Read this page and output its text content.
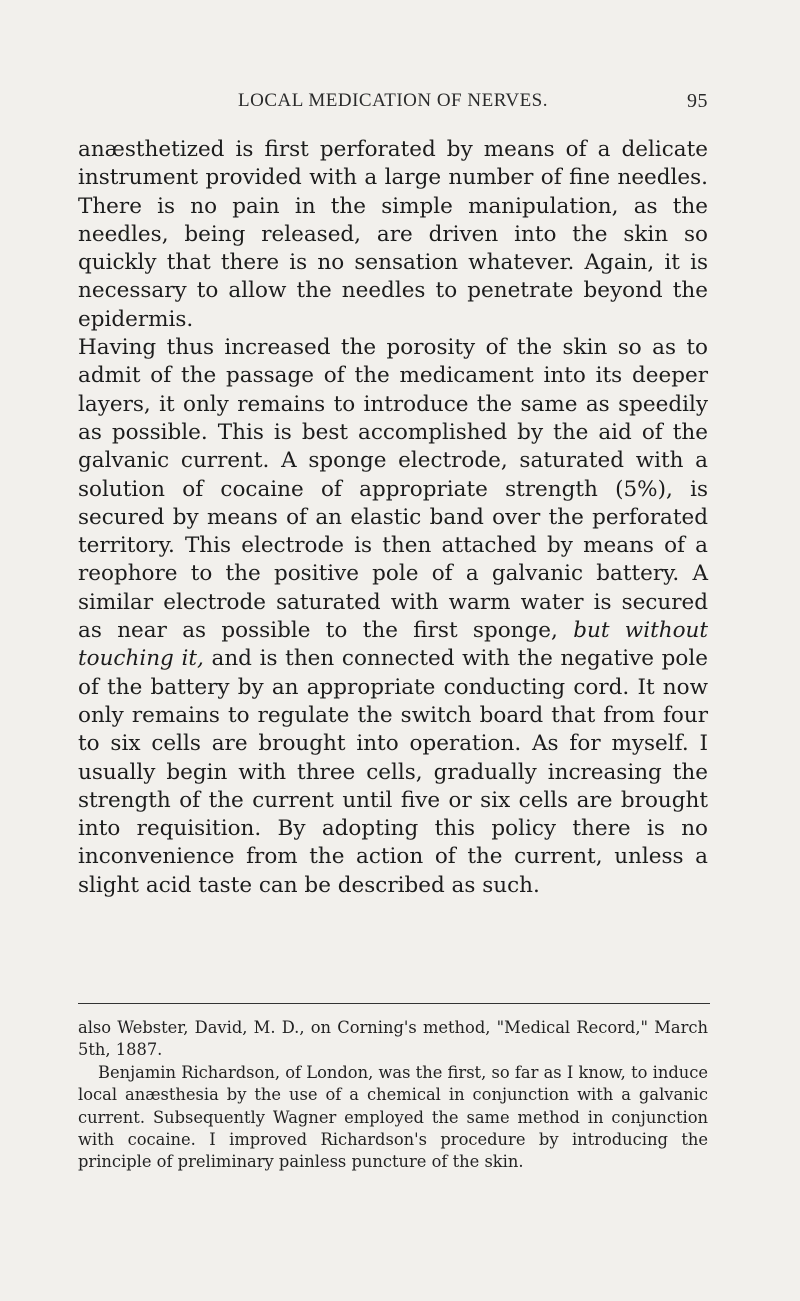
LOCAL MEDICATION OF NERVES.	95

anæsthetized is first perforated by means of a delicate instrument provided with a large number of fine needles. There is no pain in the simple manipulation, as the needles, being released, are driven into the skin so quickly that there is no sensation whatever. Again, it is necessary to allow the needles to penetrate beyond the epidermis.

Having thus increased the porosity of the skin so as to admit of the passage of the medicament into its deeper layers, it only remains to introduce the same as speedily as possible. This is best accomplished by the aid of the galvanic current. A sponge electrode, saturated with a solution of cocaine of appropriate strength (5%), is secured by means of an elastic band over the perforated territory. This electrode is then attached by means of a reophore to the positive pole of a galvanic battery. A similar electrode saturated with warm water is secured as near as possible to the first sponge, but without touching it, and is then connected with the negative pole of the battery by an appropriate conducting cord. It now only remains to regulate the switch board that from four to six cells are brought into operation. As for myself. I usually begin with three cells, gradually increasing the strength of the current until five or six cells are brought into requisition. By adopting this policy there is no inconvenience from the action of the current, unless a slight acid taste can be described as such.

also Webster, David, M. D., on Corning's method, "Medical Record," March 5th, 1887.

Benjamin Richardson, of London, was the first, so far as I know, to induce local anæsthesia by the use of a chemical in conjunction with a galvanic current. Subsequently Wagner employed the same method in conjunction with cocaine. I improved Richardson's procedure by introducing the principle of preliminary painless puncture of the skin.
